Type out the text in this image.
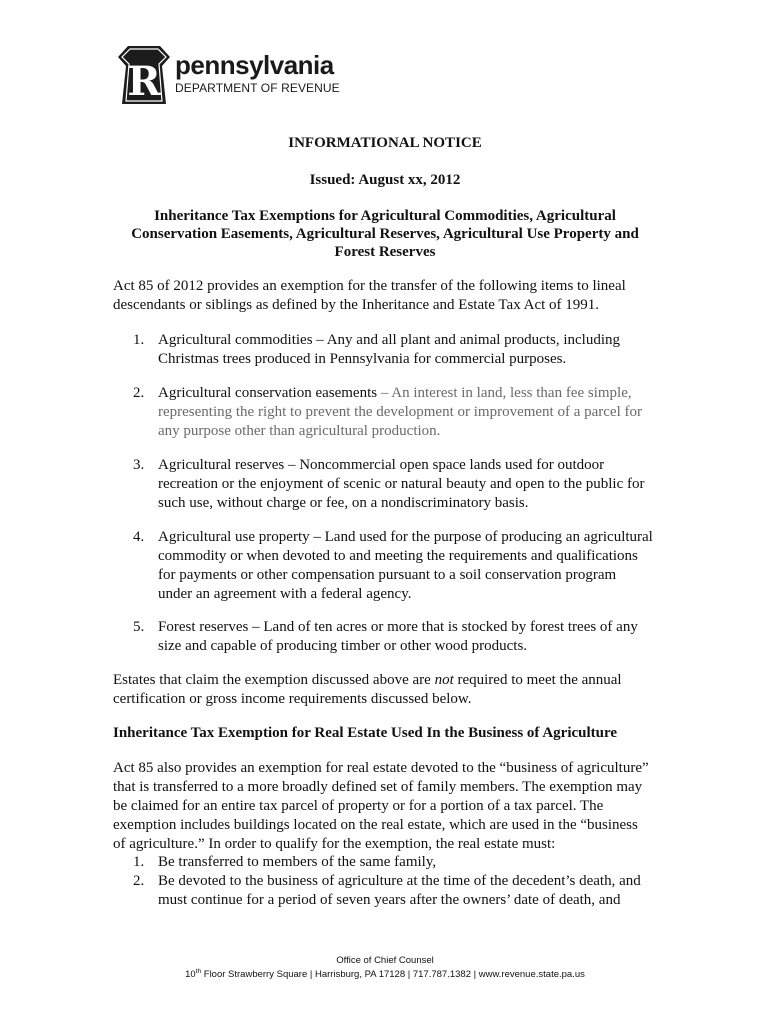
R pennsylvania
DEPARTMENT OF REVENUE
INFORMATIONAL NOTICE
Issued: August xx, 2012
Inheritance Tax Exemptions for Agricultural Commodities, Agricultural
Conservation Easements, Agricultural Reserves, Agricultural Use Property and
Forest Reserves
Act 85 of 2012 provides an exemption for the transfer of the following items to lineal
descendants or siblings as defined by the Inheritance and Estate Tax Act of 1991.
1. Agricultural commodities – Any and all plant and animal products, including
Christmas trees produced in Pennsylvania for commercial purposes.
2. Agricultural conservation easements – An interest in land, less than fee simple,
representing the right to prevent the development or improvement of a parcel for
any purpose other than agricultural production.
3. Agricultural reserves – Noncommercial open space lands used for outdoor
recreation or the enjoyment of scenic or natural beauty and open to the public for
such use, without charge or fee, on a nondiscriminatory basis.
4. Agricultural use property – Land used for the purpose of producing an agricultural
commodity or when devoted to and meeting the requirements and qualifications
for payments or other compensation pursuant to a soil conservation program
under an agreement with a federal agency.
5. Forest reserves – Land of ten acres or more that is stocked by forest trees of any
size and capable of producing timber or other wood products.
Estates that claim the exemption discussed above are not required to meet the annual
certification or gross income requirements discussed below.
Inheritance Tax Exemption for Real Estate Used In the Business of Agriculture
Act 85 also provides an exemption for real estate devoted to the “business of agriculture”
that is transferred to a more broadly defined set of family members. The exemption may
be claimed for an entire tax parcel of property or for a portion of a tax parcel. The
exemption includes buildings located on the real estate, which are used in the “business
of agriculture.” In order to qualify for the exemption, the real estate must:
1. Be transferred to members of the same family,
2. Be devoted to the business of agriculture at the time of the decedent’s death, and
must continue for a period of seven years after the owners’ date of death, and
Office of Chief Counsel
10th Floor Strawberry Square | Harrisburg, PA 17128 | 717.787.1382 | www.revenue.state.pa.us
